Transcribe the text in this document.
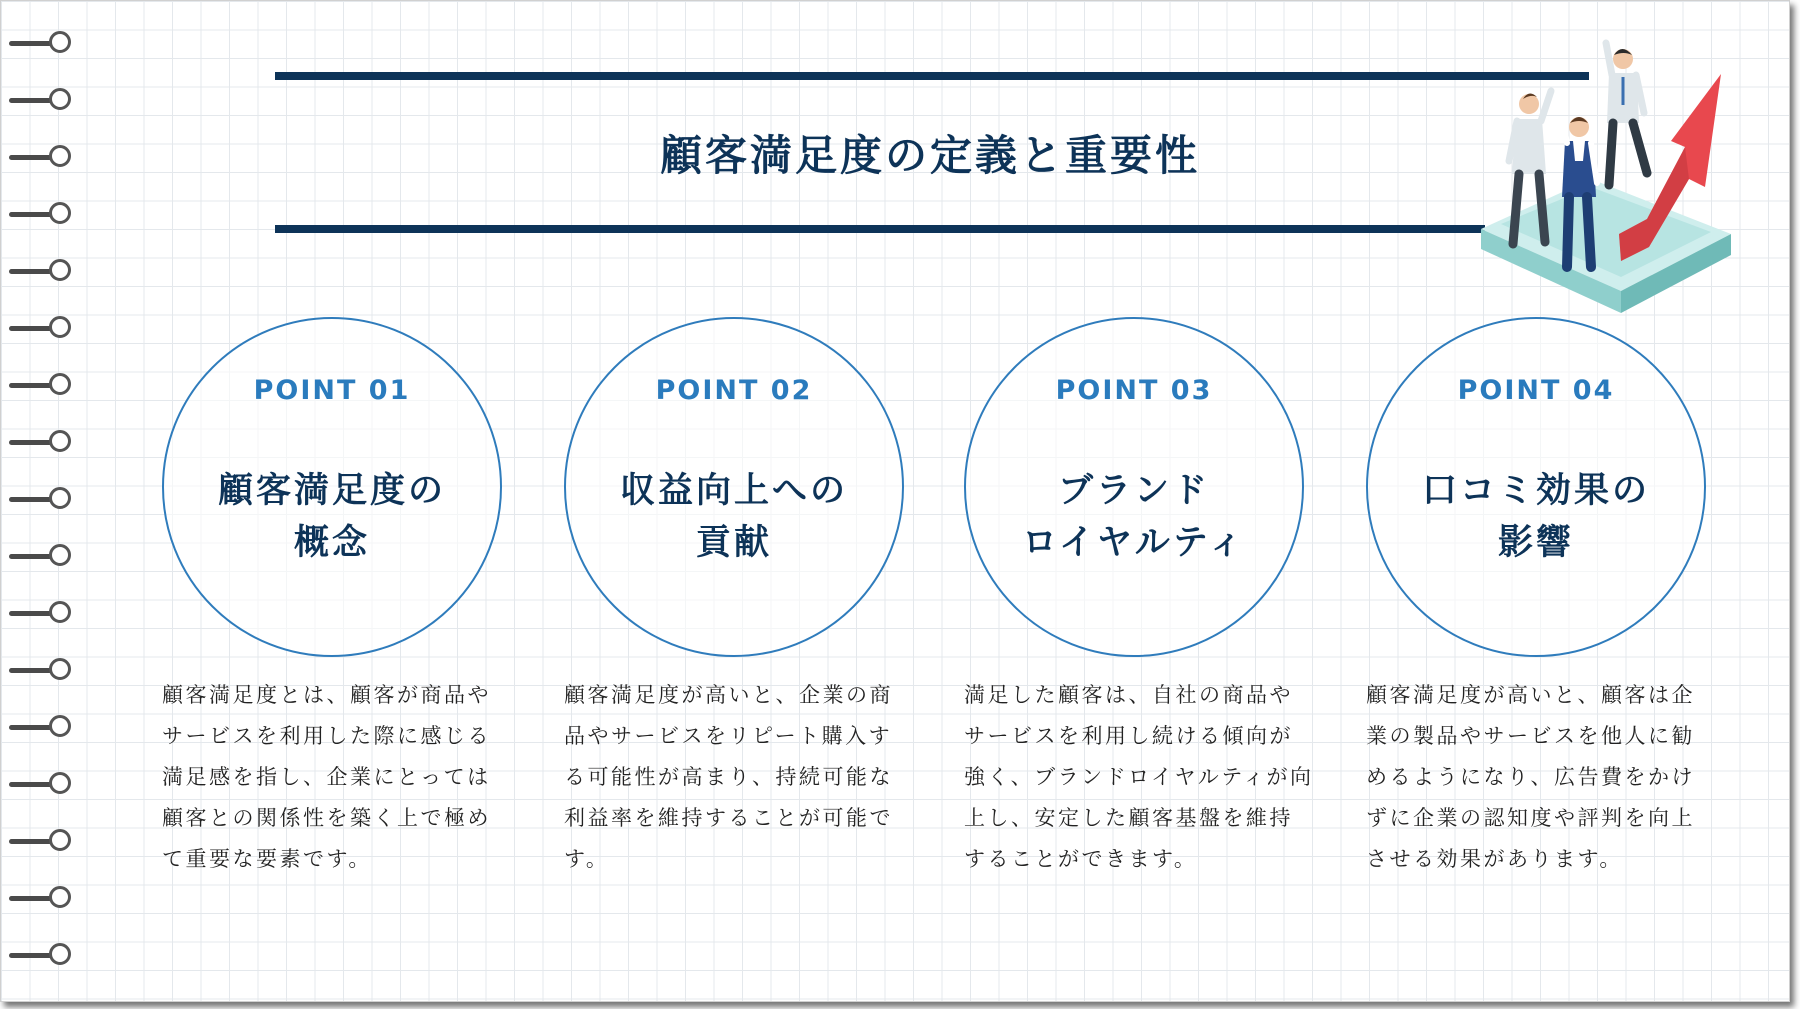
顧客満足度の定義と重要性
POINT 01
顧客満足度の
概念
顧客満足度とは、顧客が商品やサービスを利用した際に感じる満足感を指し、企業にとっては顧客との関係性を築く上で極めて重要な要素です。
POINT 02
収益向上への
貢献
顧客満足度が高いと、企業の商品やサービスをリピート購入する可能性が高まり、持続可能な利益率を維持することが可能です。
POINT 03
ブランド
ロイヤルティ
満足した顧客は、自社の商品やサービスを利用し続ける傾向が強く、ブランドロイヤルティが向上し、安定した顧客基盤を維持することができます。
POINT 04
口コミ効果の
影響
顧客満足度が高いと、顧客は企業の製品やサービスを他人に勧めるようになり、広告費をかけずに企業の認知度や評判を向上させる効果があります。
